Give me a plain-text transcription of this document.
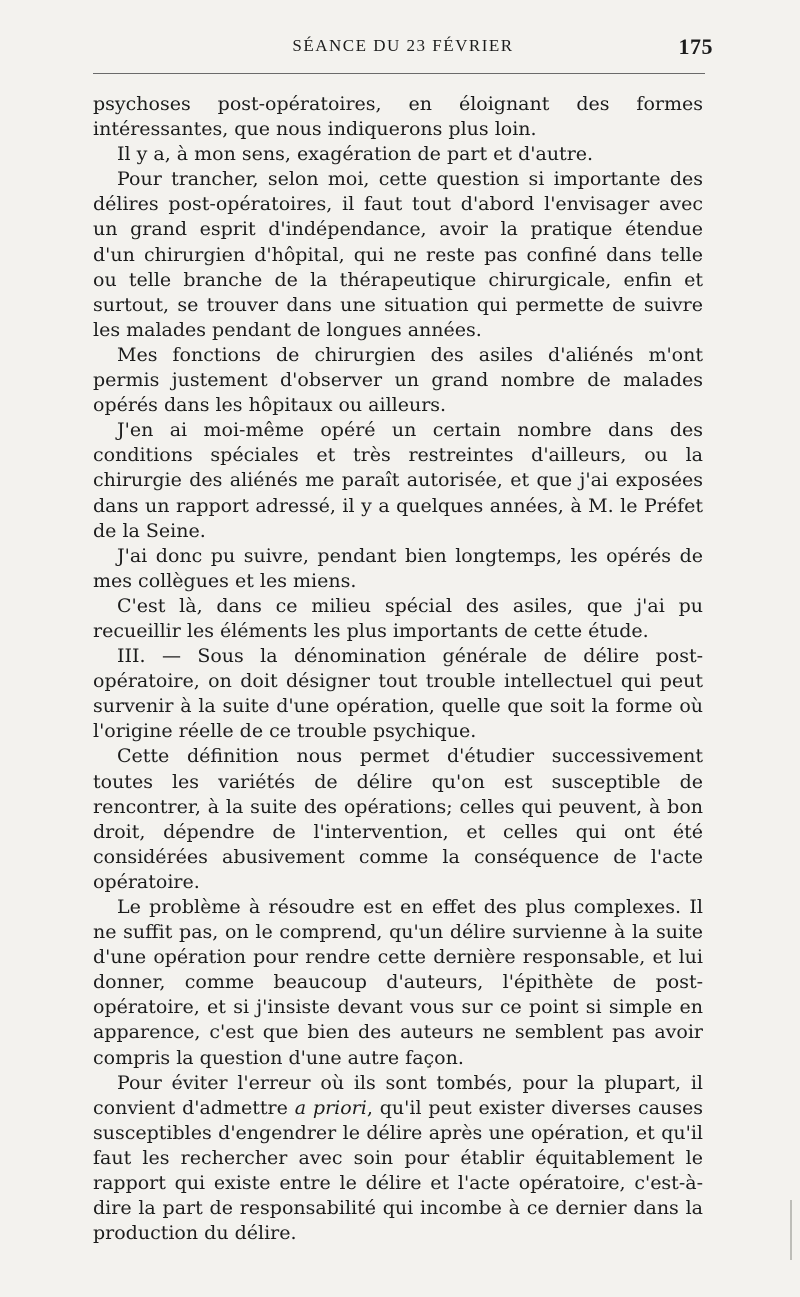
SÉANCE DU 23 FÉVRIER	175

psychoses post-opératoires, en éloignant des formes intéressantes, que nous indiquerons plus loin.

Il y a, à mon sens, exagération de part et d'autre.

Pour trancher, selon moi, cette question si importante des délires post-opératoires, il faut tout d'abord l'envisager avec un grand esprit d'indépendance, avoir la pratique étendue d'un chirurgien d'hôpital, qui ne reste pas confiné dans telle ou telle branche de la thérapeutique chirurgicale, enfin et surtout, se trouver dans une situation qui permette de suivre les malades pendant de longues années.

Mes fonctions de chirurgien des asiles d'aliénés m'ont permis justement d'observer un grand nombre de malades opérés dans les hôpitaux ou ailleurs.

J'en ai moi-même opéré un certain nombre dans des conditions spéciales et très restreintes d'ailleurs, ou la chirurgie des aliénés me paraît autorisée, et que j'ai exposées dans un rapport adressé, il y a quelques années, à M. le Préfet de la Seine.

J'ai donc pu suivre, pendant bien longtemps, les opérés de mes collègues et les miens.

C'est là, dans ce milieu spécial des asiles, que j'ai pu recueillir les éléments les plus importants de cette étude.

III. — Sous la dénomination générale de délire post-opératoire, on doit désigner tout trouble intellectuel qui peut survenir à la suite d'une opération, quelle que soit la forme où l'origine réelle de ce trouble psychique.

Cette définition nous permet d'étudier successivement toutes les variétés de délire qu'on est susceptible de rencontrer, à la suite des opérations; celles qui peuvent, à bon droit, dépendre de l'intervention, et celles qui ont été considérées abusivement comme la conséquence de l'acte opératoire.

Le problème à résoudre est en effet des plus complexes. Il ne suffit pas, on le comprend, qu'un délire survienne à la suite d'une opération pour rendre cette dernière responsable, et lui donner, comme beaucoup d'auteurs, l'épithète de post-opératoire, et si j'insiste devant vous sur ce point si simple en apparence, c'est que bien des auteurs ne semblent pas avoir compris la question d'une autre façon.

Pour éviter l'erreur où ils sont tombés, pour la plupart, il convient d'admettre a priori, qu'il peut exister diverses causes susceptibles d'engendrer le délire après une opération, et qu'il faut les rechercher avec soin pour établir équitablement le rapport qui existe entre le délire et l'acte opératoire, c'est-à-dire la part de responsabilité qui incombe à ce dernier dans la production du délire.
